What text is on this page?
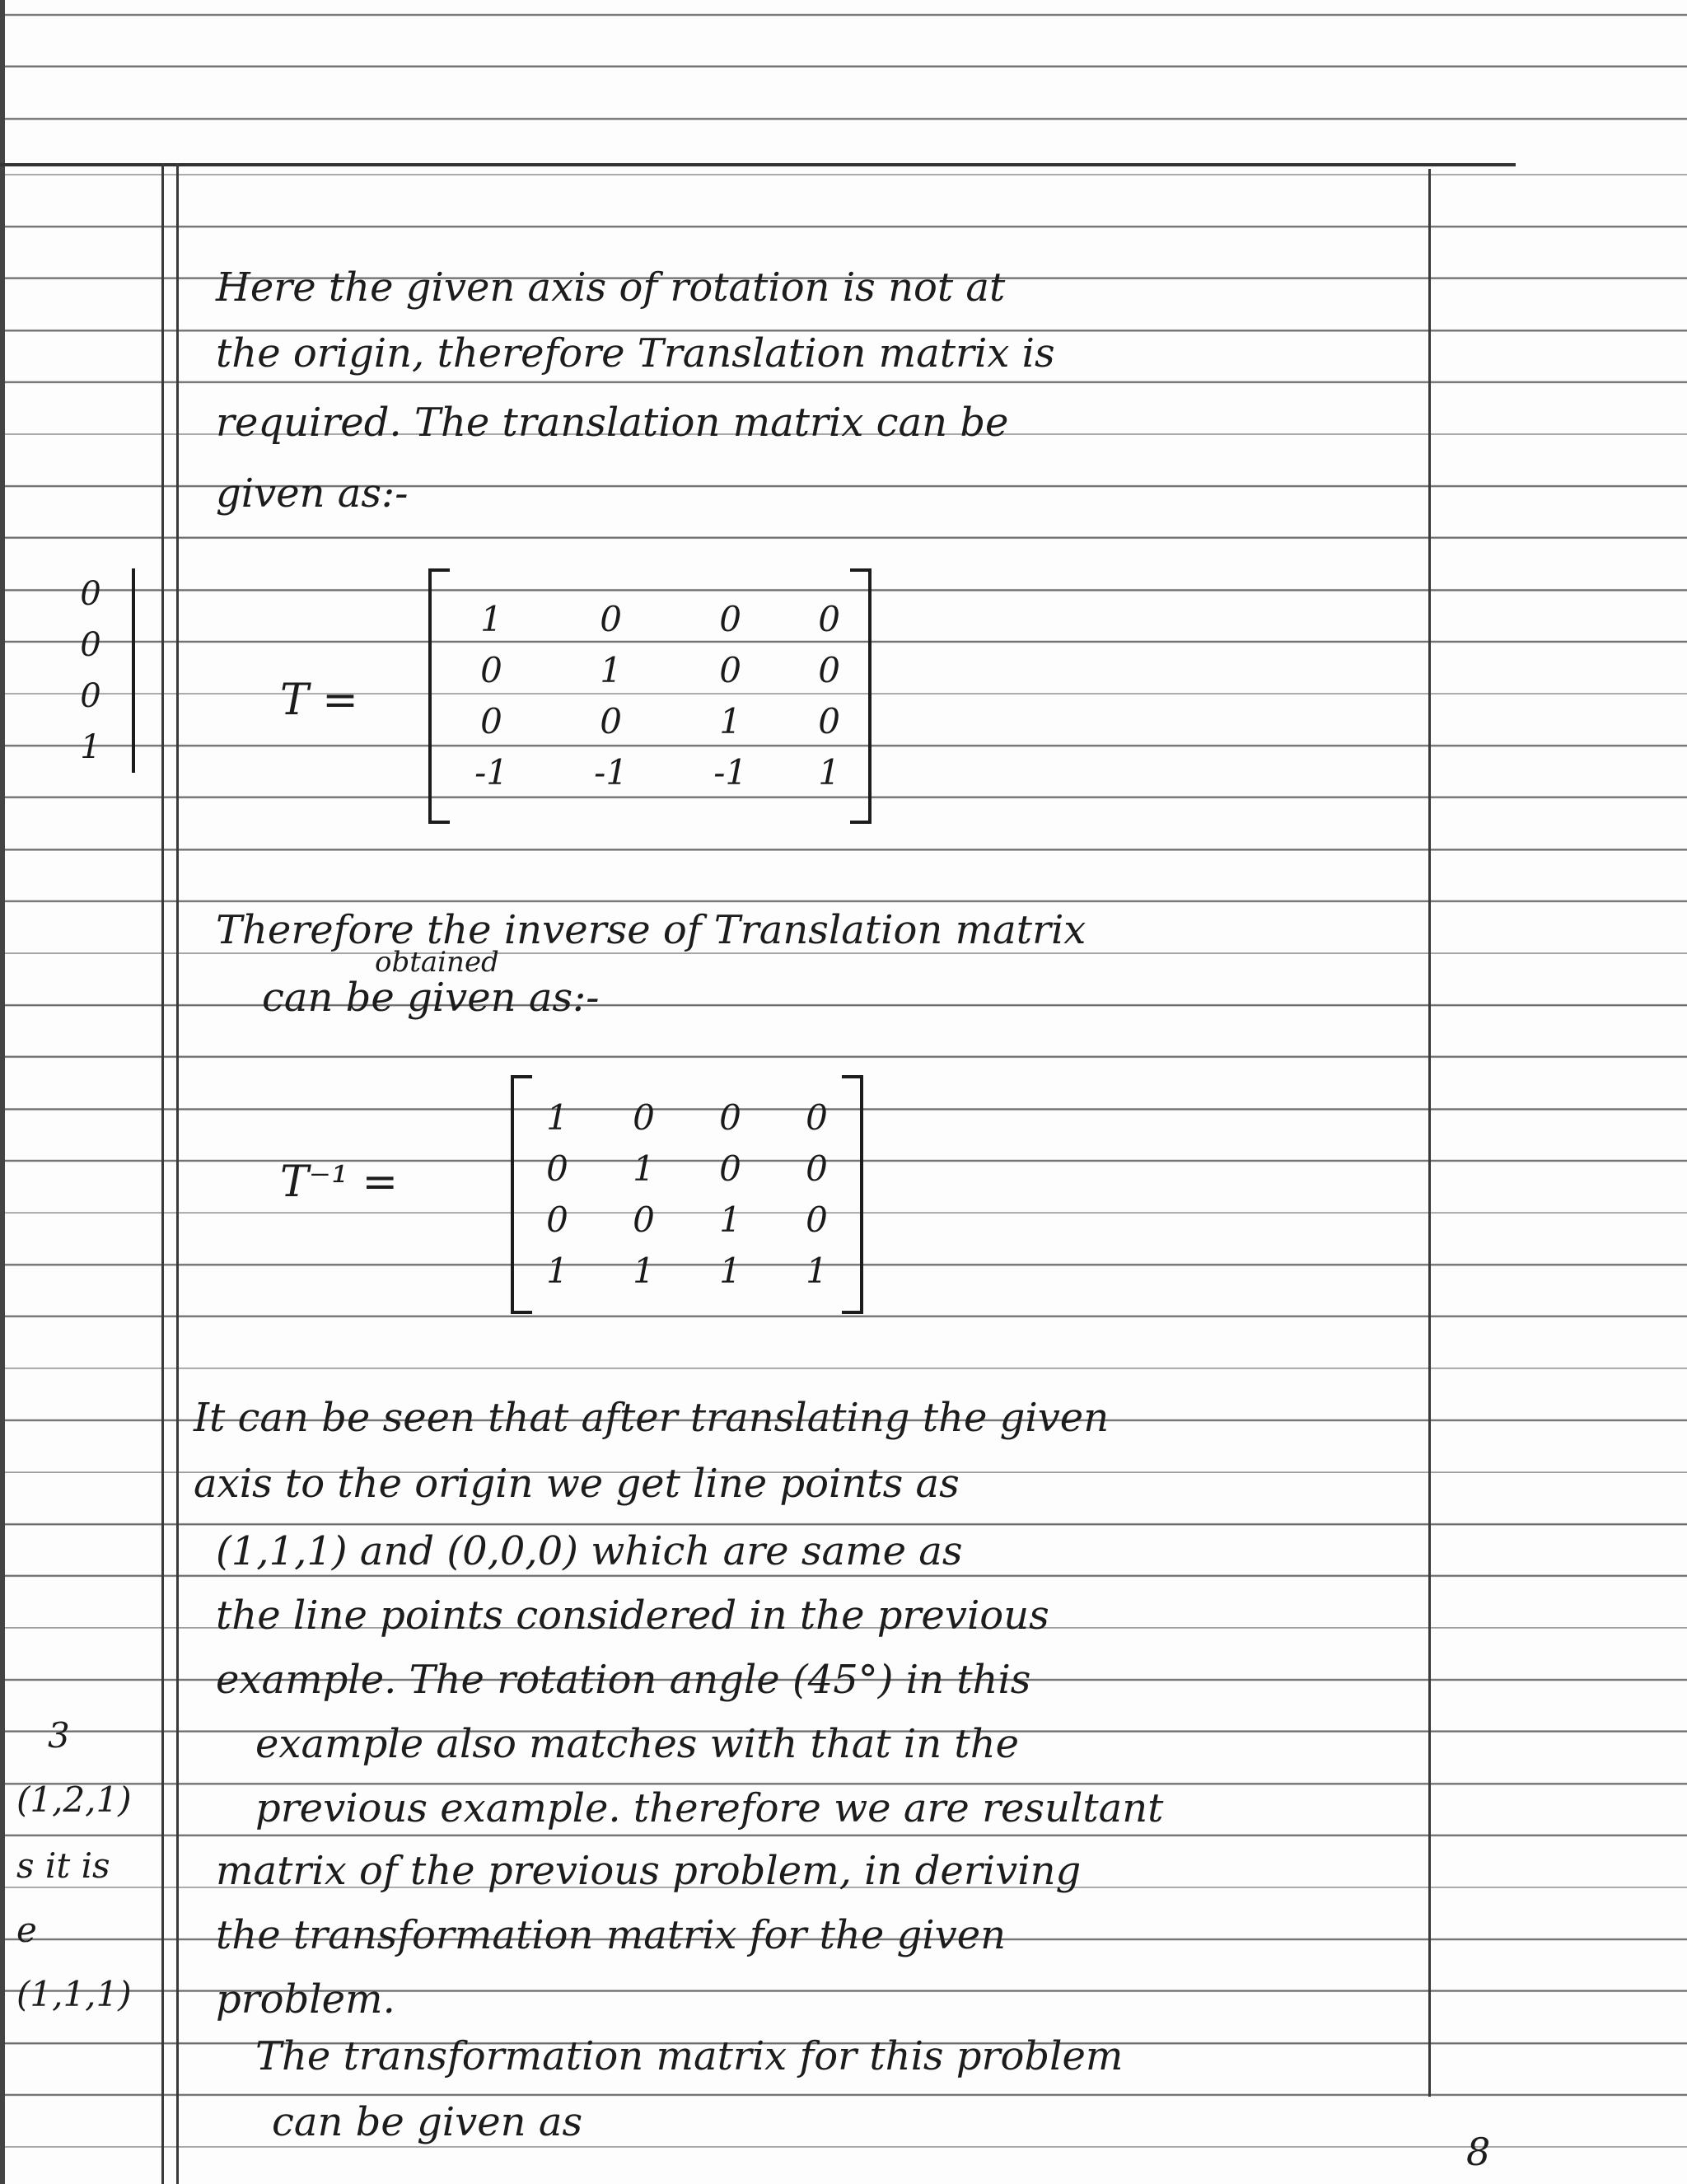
Here the given axis of rotation is not at
the origin, therefore Translation matrix is
required. The translation matrix can be
given as:-
T =
1	0	0	0
0	1	0	0
0	0	1	0
-1	-1	-1	1
0
0
0
1
Therefore the inverse of Translation matrix
obtained
can be given as:-
T⁻¹ =
1	0	0	0
0	1	0	0
0	0	1	0
1	1	1	1
It can be seen that after translating the given
axis to the origin we get line points as
(1,1,1) and (0,0,0) which are same as
the line points considered in the previous
example. The rotation angle (45°) in this
example also matches with that in the
previous example. therefore we are resultant
matrix of the previous problem, in deriving
the transformation matrix for the given
problem.
The transformation matrix for this problem
can be given as
3
(1,2,1)
s it is
e
(1,1,1)
8
